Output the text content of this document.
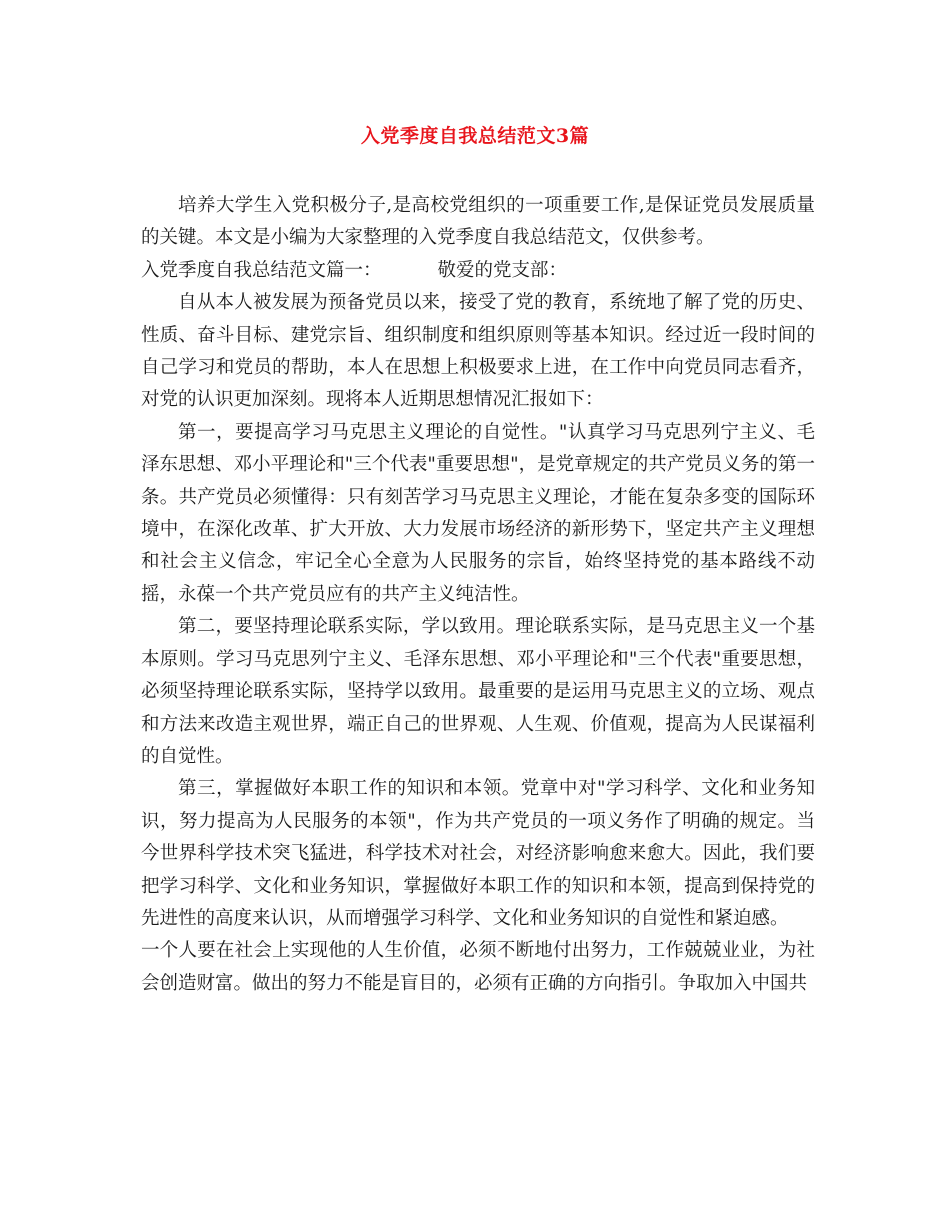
入党季度自我总结范文3篇

培养大学生入党积极分子,是高校党组织的一项重要工作,是保证党员发展质量的关键。本文是小编为大家整理的入党季度自我总结范文，仅供参考。

入党季度自我总结范文篇一：	敬爱的党支部：

自从本人被发展为预备党员以来，接受了党的教育，系统地了解了党的历史、性质、奋斗目标、建党宗旨、组织制度和组织原则等基本知识。经过近一段时间的自己学习和党员的帮助，本人在思想上积极要求上进，在工作中向党员同志看齐，对党的认识更加深刻。现将本人近期思想情况汇报如下：

第一，要提高学习马克思主义理论的自觉性。"认真学习马克思列宁主义、毛泽东思想、邓小平理论和"三个代表"重要思想"，是党章规定的共产党员义务的第一条。共产党员必须懂得：只有刻苦学习马克思主义理论，才能在复杂多变的国际环境中，在深化改革、扩大开放、大力发展市场经济的新形势下，坚定共产主义理想和社会主义信念，牢记全心全意为人民服务的宗旨，始终坚持党的基本路线不动摇，永葆一个共产党员应有的共产主义纯洁性。

第二，要坚持理论联系实际，学以致用。理论联系实际，是马克思主义一个基本原则。学习马克思列宁主义、毛泽东思想、邓小平理论和"三个代表"重要思想，必须坚持理论联系实际，坚持学以致用。最重要的是运用马克思主义的立场、观点和方法来改造主观世界，端正自己的世界观、人生观、价值观，提高为人民谋福利的自觉性。

第三，掌握做好本职工作的知识和本领。党章中对"学习科学、文化和业务知识，努力提高为人民服务的本领"，作为共产党员的一项义务作了明确的规定。当今世界科学技术突飞猛进，科学技术对社会，对经济影响愈来愈大。因此，我们要把学习科学、文化和业务知识，掌握做好本职工作的知识和本领，提高到保持党的先进性的高度来认识，从而增强学习科学、文化和业务知识的自觉性和紧迫感。

一个人要在社会上实现他的人生价值，必须不断地付出努力，工作兢兢业业，为社会创造财富。做出的努力不能是盲目的，必须有正确的方向指引。争取加入中国共
